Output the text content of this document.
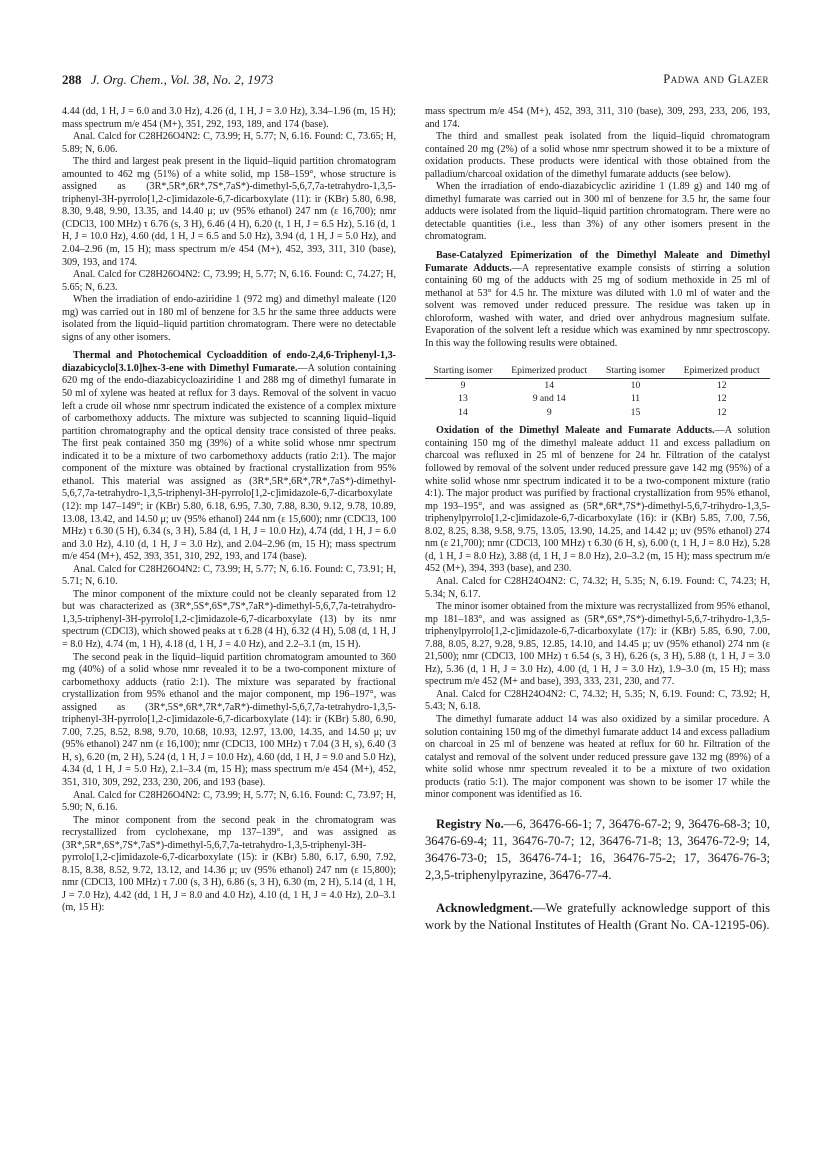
288 J. Org. Chem., Vol. 38, No. 2, 1973	Padwa and Glazer

4.44 (dd, 1 H, J = 6.0 and 3.0 Hz), 4.26 (d, 1 H, J = 3.0 Hz), 3.34–1.96 (m, 15 H); mass spectrum m/e 454 (M+), 351, 292, 193, 189, and 174 (base).

Anal. Calcd for C28H26O4N2: C, 73.99; H, 5.77; N, 6.16. Found: C, 73.65; H, 5.89; N, 6.06.

The third and largest peak present in the liquid–liquid partition chromatogram amounted to 462 mg (51%) of a white solid, mp 158–159°, whose structure is assigned as (3R*,5R*,6R*,7S*,7aS*)-dimethyl-5,6,7,7a-tetrahydro-1,3,5-triphenyl-3H-pyrrolo[1,2-c]imidazole-6,7-dicarboxylate (11): ir (KBr) 5.80, 6.98, 8.30, 9.48, 9.90, 13.35, and 14.40 μ; uv (95% ethanol) 247 nm (ε 16,700); nmr (CDCl3, 100 MHz) τ 6.76 (s, 3 H), 6.46 (4 H), 6.20 (t, 1 H, J = 6.5 Hz), 5.16 (d, 1 H, J = 10.0 Hz), 4.60 (dd, 1 H, J = 6.5 and 5.0 Hz), 3.94 (d, 1 H, J = 5.0 Hz), and 2.04–2.96 (m, 15 H); mass spectrum m/e 454 (M+), 452, 393, 311, 310 (base), 309, 193, and 174.

Anal. Calcd for C28H26O4N2: C, 73.99; H, 5.77; N, 6.16. Found: C, 74.27; H, 5.65; N, 6.23.

When the irradiation of endo-aziridine 1 (972 mg) and dimethyl maleate (120 mg) was carried out in 180 ml of benzene for 3.5 hr the same three adducts were isolated from the liquid–liquid partition chromatogram. There were no detectable signs of any other isomers.

Thermal and Photochemical Cycloaddition of endo-2,4,6-Triphenyl-1,3-diazabicyclo[3.1.0]hex-3-ene with Dimethyl Fumarate.—A solution containing 620 mg of the endo-diazabicycloaziridine 1 and 288 mg of dimethyl fumarate in 50 ml of xylene was heated at reflux for 3 days. Removal of the solvent in vacuo left a crude oil whose nmr spectrum indicated the existence of a complex mixture of carbomethoxy adducts. The mixture was subjected to scanning liquid–liquid partition chromatography and the optical density trace consisted of three peaks. The first peak contained 350 mg (39%) of a white solid whose nmr spectrum indicated it to be a mixture of two carbomethoxy adducts (ratio 2:1). The major component of the mixture was obtained by fractional crystallization from 95% ethanol. This material was assigned as (3R*,5R*,6R*,7R*,7aS*)-dimethyl-5,6,7,7a-tetrahydro-1,3,5-triphenyl-3H-pyrrolo[1,2-c]imidazole-6,7-dicarboxylate (12): mp 147–149°; ir (KBr) 5.80, 6.18, 6.95, 7.30, 7.88, 8.30, 9.12, 9.78, 10.89, 13.08, 13.42, and 14.50 μ; uv (95% ethanol) 244 nm (ε 15,600); nmr (CDCl3, 100 MHz) τ 6.30 (5 H), 6.34 (s, 3 H), 5.84 (d, 1 H, J = 10.0 Hz), 4.74 (dd, 1 H, J = 6.0 and 3.0 Hz), 4.10 (d, 1 H, J = 3.0 Hz), and 2.04–2.96 (m, 15 H); mass spectrum m/e 454 (M+), 452, 393, 351, 310, 292, 193, and 174 (base).

Anal. Calcd for C28H26O4N2: C, 73.99; H, 5.77; N, 6.16. Found: C, 73.91; H, 5.71; N, 6.10.

The minor component of the mixture could not be cleanly separated from 12 but was characterized as (3R*,5S*,6S*,7S*,7aR*)-dimethyl-5,6,7,7a-tetrahydro-1,3,5-triphenyl-3H-pyrrolo[1,2-c]imidazole-6,7-dicarboxylate (13) by its nmr spectrum (CDCl3), which showed peaks at τ 6.28 (4 H), 6.32 (4 H), 5.08 (d, 1 H, J = 8.0 Hz), 4.74 (m, 1 H), 4.18 (d, 1 H, J = 4.0 Hz), and 2.2–3.1 (m, 15 H).

The second peak in the liquid–liquid partition chromatogram amounted to 360 mg (40%) of a solid whose nmr revealed it to be a two-component mixture of carbomethoxy adducts (ratio 2:1). The mixture was separated by fractional crystallization from 95% ethanol and the major component, mp 196–197°, was assigned as (3R*,5S*,6R*,7R*,7aR*)-dimethyl-5,6,7,7a-tetrahydro-1,3,5-triphenyl-3H-pyrrolo[1,2-c]imidazole-6,7-dicarboxylate (14): ir (KBr) 5.80, 6.90, 7.00, 7.25, 8.52, 8.98, 9.70, 10.68, 10.93, 12.97, 13.00, 14.35, and 14.50 μ; uv (95% ethanol) 247 nm (ε 16,100); nmr (CDCl3, 100 MHz) τ 7.04 (3 H, s), 6.40 (3 H, s), 6.20 (m, 2 H), 5.24 (d, 1 H, J = 10.0 Hz), 4.60 (dd, 1 H, J = 9.0 and 5.0 Hz), 4.34 (d, 1 H, J = 5.0 Hz), 2.1–3.4 (m, 15 H); mass spectrum m/e 454 (M+), 452, 351, 310, 309, 292, 233, 230, 206, and 193 (base).

Anal. Calcd for C28H26O4N2: C, 73.99; H, 5.77; N, 6.16. Found: C, 73.97; H, 5.90; N, 6.16.

The minor component from the second peak in the chromatogram was recrystallized from cyclohexane, mp 137–139°, and was assigned as (3R*,5R*,6S*,7S*,7aS*)-dimethyl-5,6,7,7a-tetrahydro-1,3,5-triphenyl-3H-pyrrolo[1,2-c]imidazole-6,7-dicarboxylate (15): ir (KBr) 5.80, 6.17, 6.90, 7.92, 8.15, 8.38, 8.52, 9.72, 13.12, and 14.36 μ; uv (95% ethanol) 247 nm (ε 15,800); nmr (CDCl3, 100 MHz) τ 7.00 (s, 3 H), 6.86 (s, 3 H), 6.30 (m, 2 H), 5.14 (d, 1 H, J = 7.0 Hz), 4.42 (dd, 1 H, J = 8.0 and 4.0 Hz), 4.10 (d, 1 H, J = 4.0 Hz), 2.0–3.1 (m, 15 H):

mass spectrum m/e 454 (M+), 452, 393, 311, 310 (base), 309, 293, 233, 206, 193, and 174.

The third and smallest peak isolated from the liquid–liquid chromatogram contained 20 mg (2%) of a solid whose nmr spectrum showed it to be a mixture of oxidation products. These products were identical with those obtained from the palladium/charcoal oxidation of the dimethyl fumarate adducts (see below).

When the irradiation of endo-diazabicyclic aziridine 1 (1.89 g) and 140 mg of dimethyl fumarate was carried out in 300 ml of benzene for 3.5 hr, the same four adducts were isolated from the liquid–liquid partition chromatogram. There were no detectable quantities (i.e., less than 3%) of any other isomers present in the chromatogram.

Base-Catalyzed Epimerization of the Dimethyl Maleate and Dimethyl Fumarate Adducts.—A representative example consists of stirring a solution containing 60 mg of the adducts with 25 mg of sodium methoxide in 25 ml of methanol at 53° for 4.5 hr. The mixture was diluted with 1.0 ml of water and the solvent was removed under reduced pressure. The residue was taken up in chloroform, washed with water, and dried over anhydrous magnesium sulfate. Evaporation of the solvent left a residue which was examined by nmr spectroscopy. In this way the following results were obtained.

Starting isomer	Epimerized product	Starting isomer	Epimerized product
9	14	10	12
13	9 and 14	11	12
14	9	15	12

Oxidation of the Dimethyl Maleate and Fumarate Adducts.—A solution containing 150 mg of the dimethyl maleate adduct 11 and excess palladium on charcoal was refluxed in 25 ml of benzene for 24 hr. Filtration of the catalyst followed by removal of the solvent under reduced pressure gave 142 mg (95%) of a white solid whose nmr spectrum indicated it to be a two-component mixture (ratio 4:1). The major product was purified by fractional crystallization from 95% ethanol, mp 193–195°, and was assigned as (5R*,6R*,7S*)-dimethyl-5,6,7-trihydro-1,3,5-triphenylpyrrolo[1,2-c]imidazole-6,7-dicarboxylate (16): ir (KBr) 5.85, 7.00, 7.56, 8.02, 8.25, 8.38, 9.58, 9.75, 13.05, 13.90, 14.25, and 14.42 μ; uv (95% ethanol) 274 nm (ε 21,700); nmr (CDCl3, 100 MHz) τ 6.30 (6 H, s), 6.00 (t, 1 H, J = 8.0 Hz), 5.28 (d, 1 H, J = 8.0 Hz), 3.88 (d, 1 H, J = 8.0 Hz), 2.0–3.2 (m, 15 H); mass spectrum m/e 452 (M+), 394, 393 (base), and 230.

Anal. Calcd for C28H24O4N2: C, 74.32; H, 5.35; N, 6.19. Found: C, 74.23; H, 5.34; N, 6.17.

The minor isomer obtained from the mixture was recrystallized from 95% ethanol, mp 181–183°, and was assigned as (5R*,6S*,7S*)-dimethyl-5,6,7-trihydro-1,3,5-triphenylpyrrolo[1,2-c]imidazole-6,7-dicarboxylate (17): ir (KBr) 5.85, 6.90, 7.00, 7.88, 8.05, 8.27, 9.28, 9.85, 12.85, 14.10, and 14.45 μ; uv (95% ethanol) 274 nm (ε 21,500); nmr (CDCl3, 100 MHz) τ 6.54 (s, 3 H), 6.26 (s, 3 H), 5.88 (t, 1 H, J = 3.0 Hz), 5.36 (d, 1 H, J = 3.0 Hz), 4.00 (d, 1 H, J = 3.0 Hz), 1.9–3.0 (m, 15 H); mass spectrum m/e 452 (M+ and base), 393, 333, 231, 230, and 77.

Anal. Calcd for C28H24O4N2: C, 74.32; H, 5.35; N, 6.19. Found: C, 73.92; H, 5.43; N, 6.18.

The dimethyl fumarate adduct 14 was also oxidized by a similar procedure. A solution containing 150 mg of the dimethyl fumarate adduct 14 and excess palladium on charcoal in 25 ml of benzene was heated at reflux for 60 hr. Filtration of the catalyst and removal of the solvent under reduced pressure gave 132 mg (89%) of a white solid whose nmr spectrum revealed it to be a mixture of two oxidation products (ratio 5:1). The major component was shown to be isomer 17 while the minor component was identified as 16.

Registry No.—6, 36476-66-1; 7, 36476-67-2; 9, 36476-68-3; 10, 36476-69-4; 11, 36476-70-7; 12, 36476-71-8; 13, 36476-72-9; 14, 36476-73-0; 15, 36476-74-1; 16, 36476-75-2; 17, 36476-76-3; 2,3,5-triphenylpyrazine, 36476-77-4.

Acknowledgment.—We gratefully acknowledge support of this work by the National Institutes of Health (Grant No. CA-12195-06).
